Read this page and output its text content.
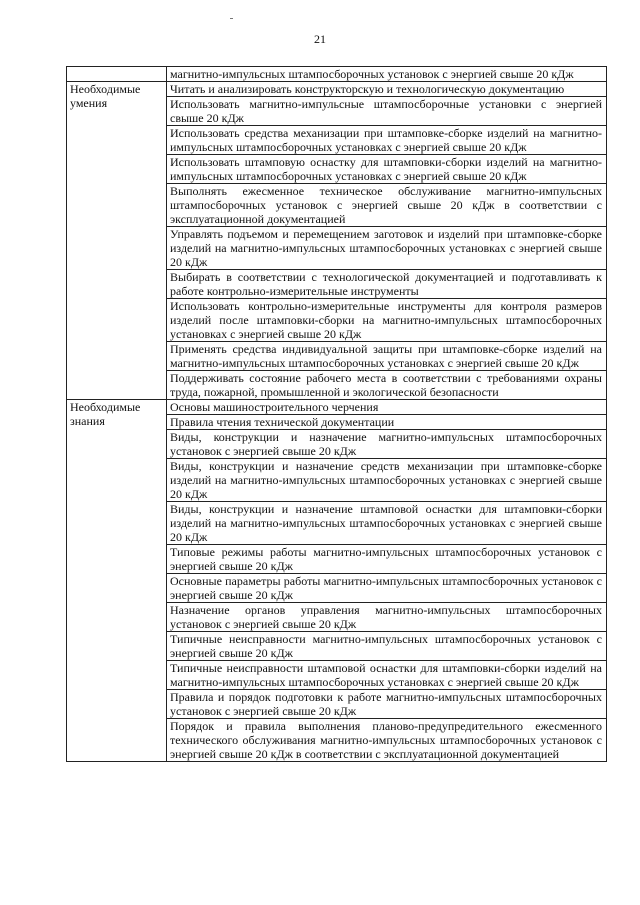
21
	магнитно-импульсных штампосборочных установок с энергией свыше 20 кДж
Необходимые умения	Читать и анализировать конструкторскую и технологическую документацию
	Использовать магнитно-импульсные штампосборочные установки с энергией свыше 20 кДж
	Использовать средства механизации при штамповке-сборке изделий на магнитно-импульсных штампосборочных установках с энергией свыше 20 кДж
	Использовать штамповую оснастку для штамповки-сборки изделий на магнитно-импульсных штампосборочных установках с энергией свыше 20 кДж
	Выполнять ежесменное техническое обслуживание магнитно-импульсных штампосборочных установок с энергией свыше 20 кДж в соответствии с эксплуатационной документацией
	Управлять подъемом и перемещением заготовок и изделий при штамповке-сборке изделий на магнитно-импульсных штампосборочных установках с энергией свыше 20 кДж
	Выбирать в соответствии с технологической документацией и подготавливать к работе контрольно-измерительные инструменты
	Использовать контрольно-измерительные инструменты для контроля размеров изделий после штамповки-сборки на магнитно-импульсных штампосборочных установках с энергией свыше 20 кДж
	Применять средства индивидуальной защиты при штамповке-сборке изделий на магнитно-импульсных штампосборочных установках с энергией свыше 20 кДж
	Поддерживать состояние рабочего места в соответствии с требованиями охраны труда, пожарной, промышленной и экологической безопасности
Необходимые знания	Основы машиностроительного черчения
	Правила чтения технической документации
	Виды, конструкции и назначение магнитно-импульсных штампосборочных установок с энергией свыше 20 кДж
	Виды, конструкции и назначение средств механизации при штамповке-сборке изделий на магнитно-импульсных штампосборочных установках с энергией свыше 20 кДж
	Виды, конструкции и назначение штамповой оснастки для штамповки-сборки изделий на магнитно-импульсных штампосборочных установках с энергией свыше 20 кДж
	Типовые режимы работы магнитно-импульсных штампосборочных установок с энергией свыше 20 кДж
	Основные параметры работы магнитно-импульсных штампосборочных установок с энергией свыше 20 кДж
	Назначение органов управления магнитно-импульсных штампосборочных установок с энергией свыше 20 кДж
	Типичные неисправности магнитно-импульсных штампосборочных установок с энергией свыше 20 кДж
	Типичные неисправности штамповой оснастки для штамповки-сборки изделий на магнитно-импульсных штампосборочных установках с энергией свыше 20 кДж
	Правила и порядок подготовки к работе магнитно-импульсных штампосборочных установок с энергией свыше 20 кДж
	Порядок и правила выполнения планово-предупредительного ежесменного технического обслуживания магнитно-импульсных штампосборочных установок с энергией свыше 20 кДж в соответствии с эксплуатационной документацией
